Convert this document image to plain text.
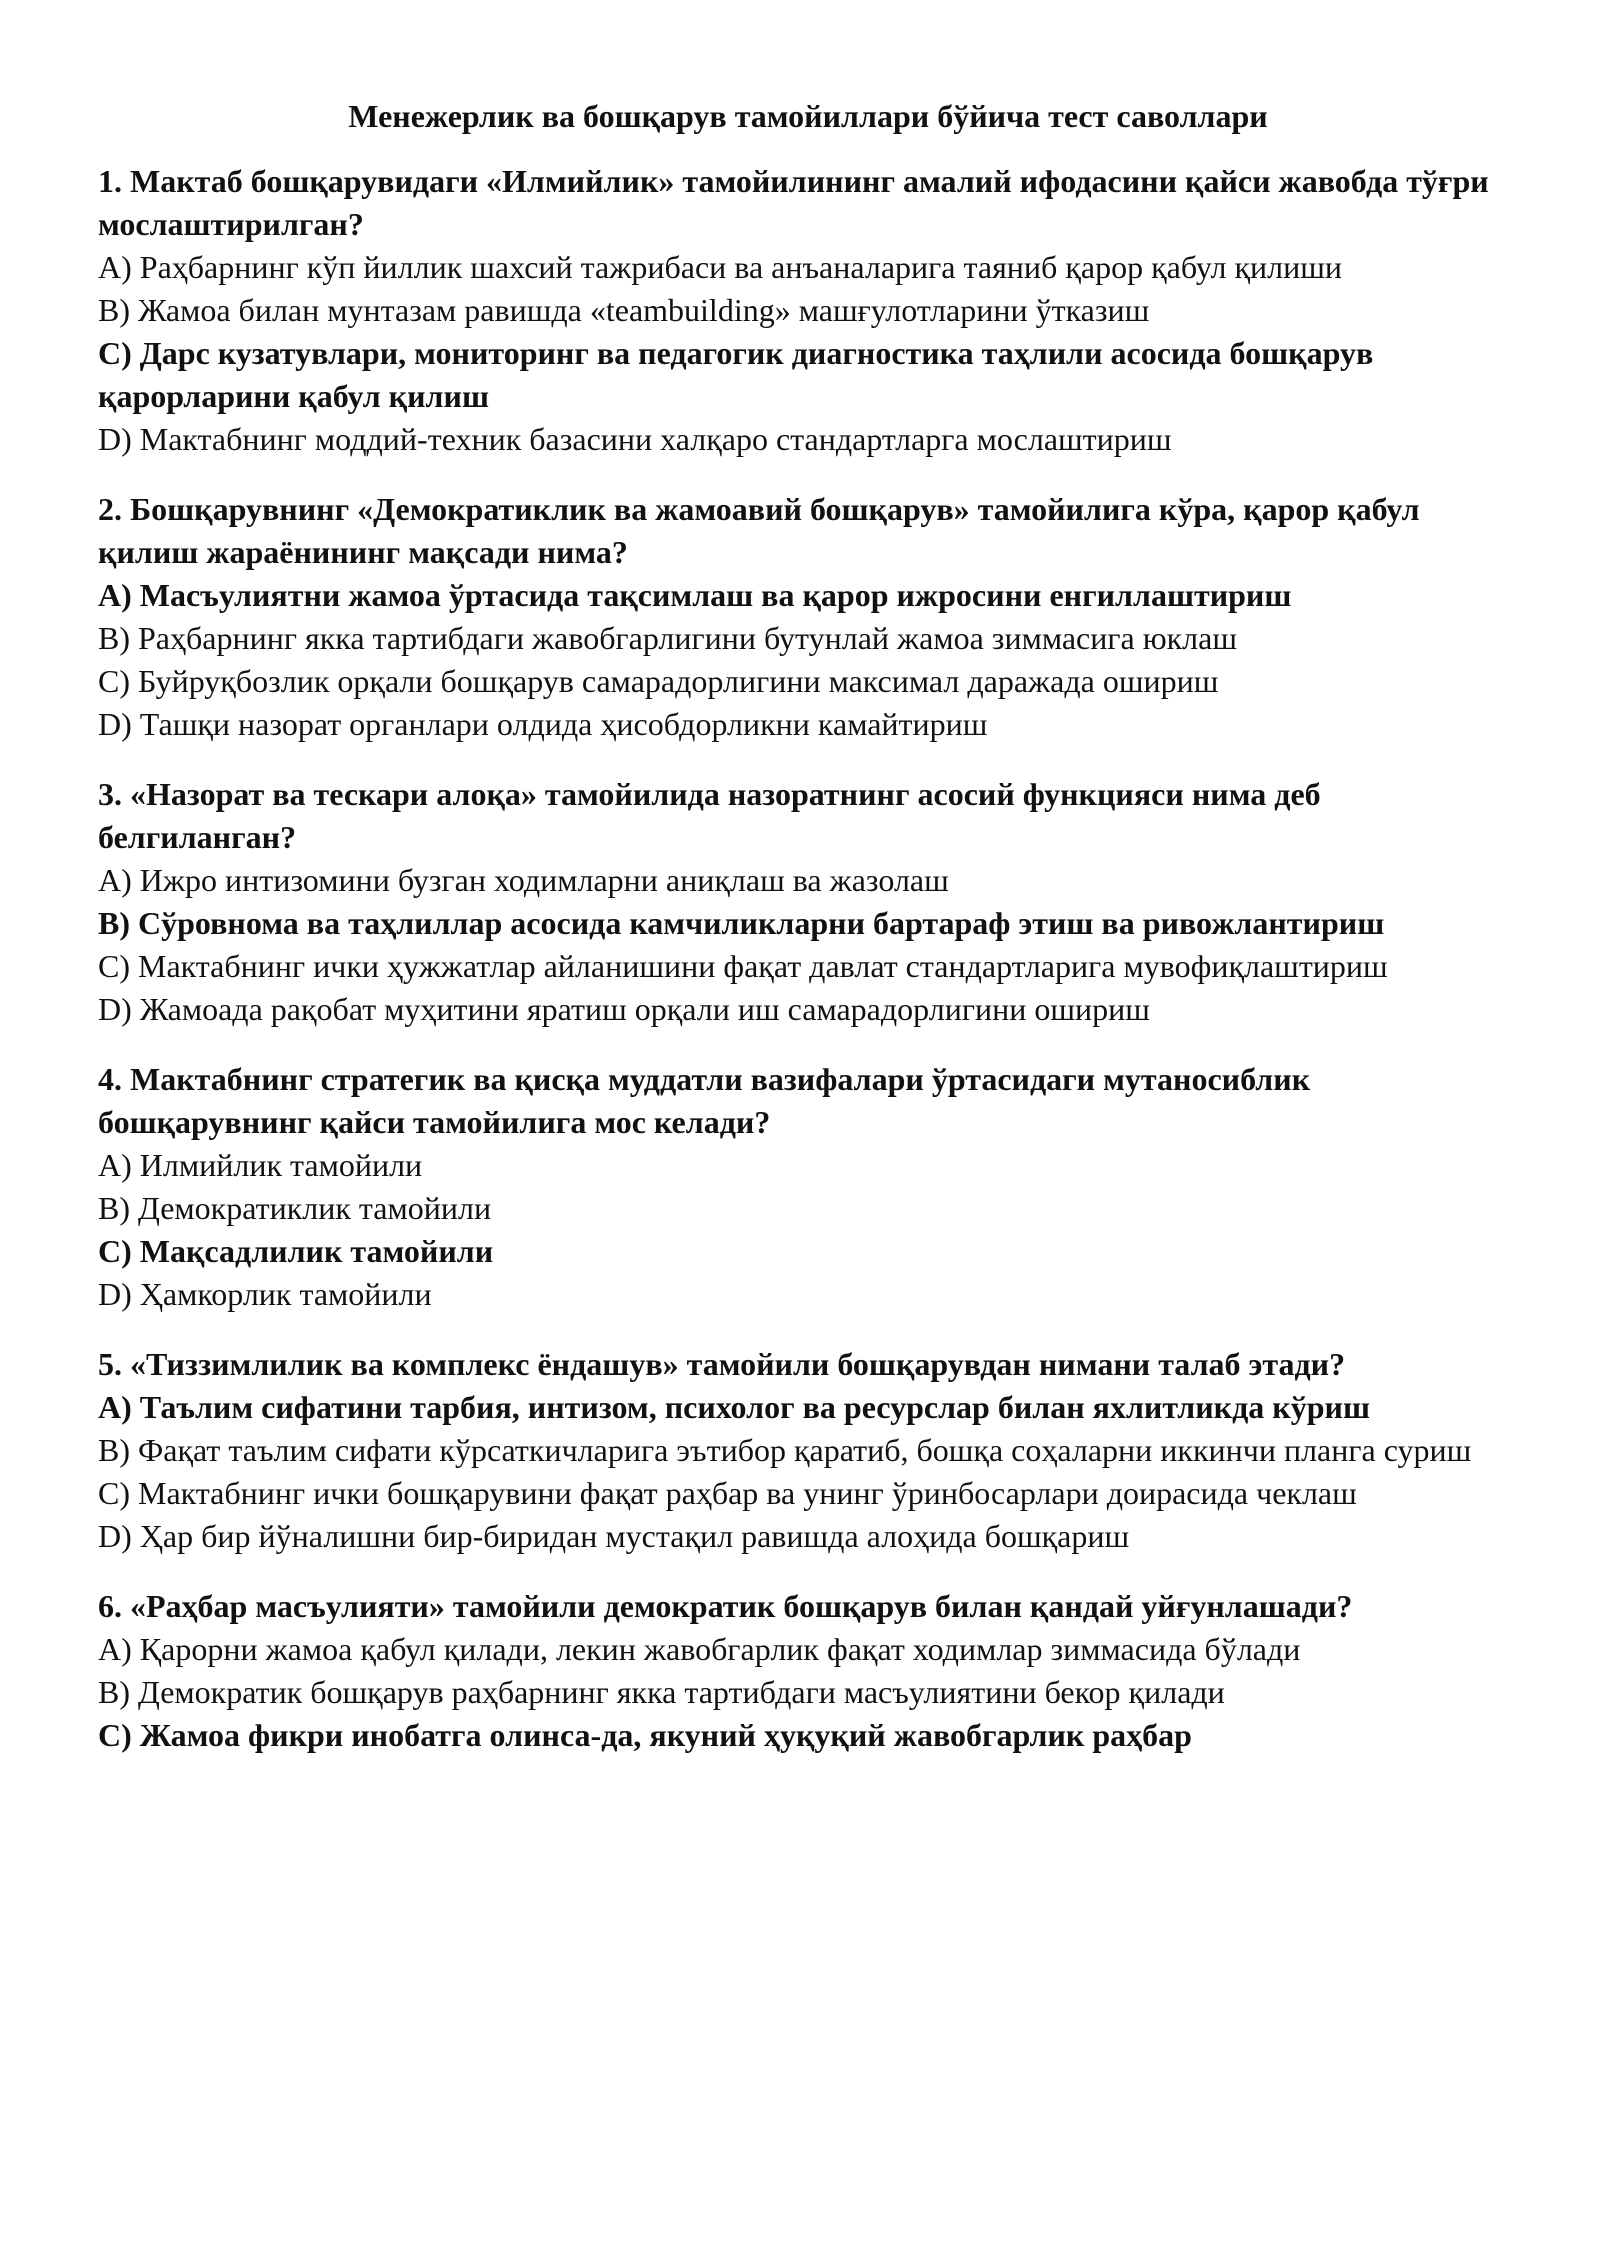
Менежерлик ва бошқарув тамойиллари бўйича тест саволлари

1. Мактаб бошқарувидаги «Илмийлик» тамойилининг амалий ифодасини қайси жавобда тўғри мослаштирилган?

A) Раҳбарнинг кўп йиллик шахсий тажрибаси ва анъаналарига таяниб қарор қабул қилиши

B) Жамоа билан мунтазам равишда «teambuilding» машғулотларини ўтказиш

C) Дарс кузатувлари, мониторинг ва педагогик диагностика таҳлили асосида бошқарув қарорларини қабул қилиш

D) Мактабнинг моддий-техник базасини халқаро стандартларга мослаштириш

2. Бошқарувнинг «Демократиклик ва жамоавий бошқарув» тамойилига кўра, қарор қабул қилиш жараёнининг мақсади нима?

A) Масъулиятни жамоа ўртасида тақсимлаш ва қарор ижросини енгиллаштириш

B) Раҳбарнинг якка тартибдаги жавобгарлигини бутунлай жамоа зиммасига юклаш

C) Буйруқбозлик орқали бошқарув самарадорлигини максимал даражада ошириш

D) Ташқи назорат органлари олдида ҳисобдорликни камайтириш

3. «Назорат ва тескари алоқа» тамойилида назоратнинг асосий функцияси нима деб белгиланган?

A) Ижро интизомини бузган ходимларни аниқлаш ва жазолаш

B) Сўровнома ва таҳлиллар асосида камчиликларни бартараф этиш ва ривожлантириш

C) Мактабнинг ички ҳужжатлар айланишини фақат давлат стандартларига мувофиқлаштириш

D) Жамоада рақобат муҳитини яратиш орқали иш самарадорлигини ошириш

4. Мактабнинг стратегик ва қисқа муддатли вазифалари ўртасидаги мутаносиблик бошқарувнинг қайси тамойилига мос келади?

A) Илмийлик тамойили

B) Демократиклик тамойили

C) Мақсадлилик тамойили

D) Ҳамкорлик тамойили

5. «Тиззимлилик ва комплекс ёндашув» тамойили бошқарувдан нимани талаб этади?

A) Таълим сифатини тарбия, интизом, психолог ва ресурслар билан яхлитликда кўриш

B) Фақат таълим сифати кўрсаткичларига эътибор қаратиб, бошқа соҳаларни иккинчи планга суриш

C) Мактабнинг ички бошқарувини фақат раҳбар ва унинг ўринбосарлари доирасида чеклаш

D) Ҳар бир йўналишни бир-биридан мустақил равишда алоҳида бошқариш

6. «Раҳбар масъулияти» тамойили демократик бошқарув билан қандай уйғунлашади?

A) Қарорни жамоа қабул қилади, лекин жавобгарлик фақат ходимлар зиммасида бўлади

B) Демократик бошқарув раҳбарнинг якка тартибдаги масъулиятини бекор қилади

C) Жамоа фикри инобатга олинса-да, якуний ҳуқуқий жавобгарлик раҳбар
